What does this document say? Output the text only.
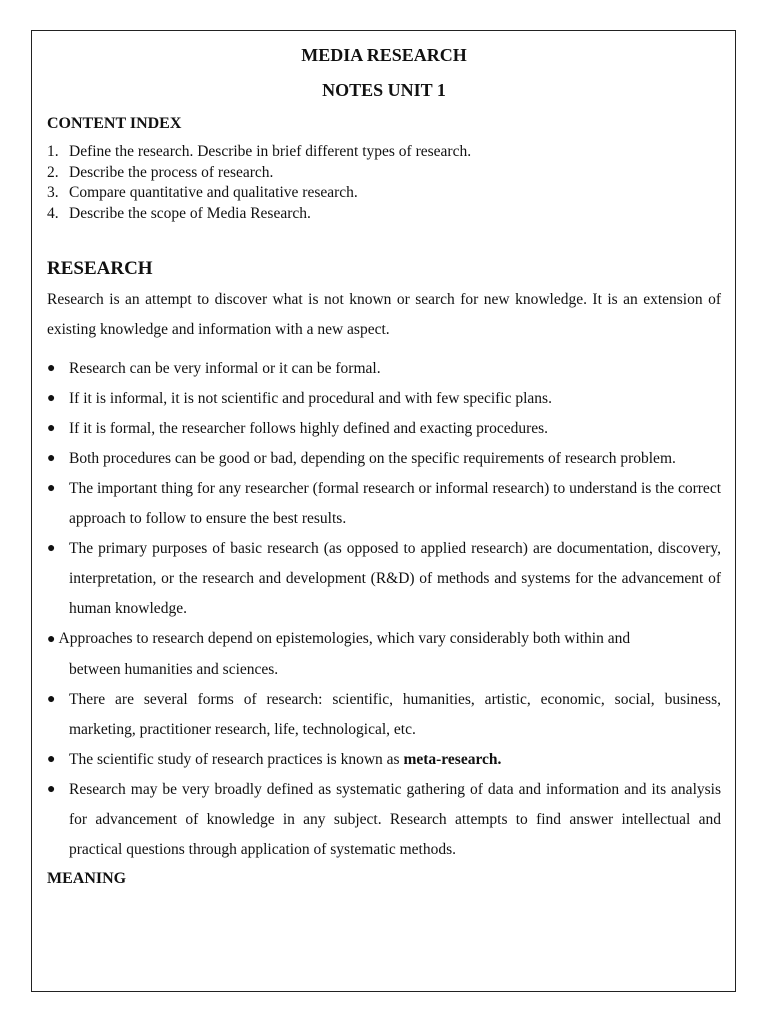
MEDIA RESEARCH

NOTES UNIT 1

CONTENT INDEX

1. Define the research. Describe in brief different types of research.
2. Describe the process of research.
3. Compare quantitative and qualitative research.
4. Describe the scope of Media Research.

RESEARCH

Research is an attempt to discover what is not known or search for new knowledge. It is an extension of existing knowledge and information with a new aspect.

● Research can be very informal or it can be formal.
● If it is informal, it is not scientific and procedural and with few specific plans.
● If it is formal, the researcher follows highly defined and exacting procedures.
● Both procedures can be good or bad, depending on the specific requirements of research problem.
● The important thing for any researcher (formal research or informal research) to understand is the correct approach to follow to ensure the best results.
● The primary purposes of basic research (as opposed to applied research) are documentation, discovery, interpretation, or the research and development (R&D) of methods and systems for the advancement of human knowledge.
● Approaches to research depend on epistemologies, which vary considerably both within and
between humanities and sciences.
● There are several forms of research: scientific, humanities, artistic, economic, social, business, marketing, practitioner research, life, technological, etc.
● The scientific study of research practices is known as meta-research.
● Research may be very broadly defined as systematic gathering of data and information and its analysis for advancement of knowledge in any subject. Research attempts to find answer intellectual and practical questions through application of systematic methods.

MEANING
